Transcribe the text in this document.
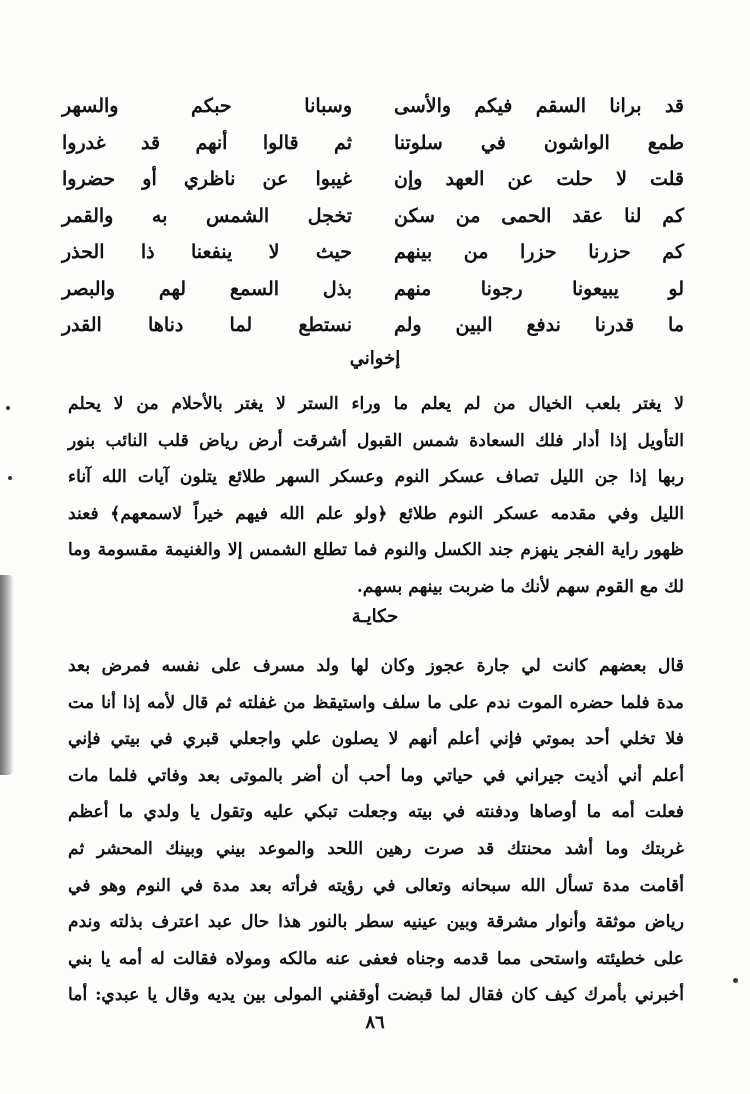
قد برانا السقم فيكم والأسى
وسبانا حبكم والسهر
طمع الواشون في سلوتنا
ثم قالوا أنهم قد غدروا
قلت لا حلت عن العهد وإن
غيبوا عن ناظري أو حضروا
كم لنا عقد الحمى من سكن
تخجل الشمس به والقمر
كم حزرنا حزرا من بينهم
حيث لا ينفعنا ذا الحذر
لو يبيعونا رجونا منهم
بذل السمع لهم والبصر
ما قدرنا ندفع البين ولم
نستطع لما دناها القدر
إخواني
لا يغتر بلعب الخيال من لم يعلم ما وراء الستر لا يغتر بالأحلام من لا يحلم
التأويل إذا أدار فلك السعادة شمس القبول أشرقت أرض رياض قلب النائب بنور
ربها إذا جن الليل تصاف عسكر النوم وعسكر السهر طلائع يتلون آيات الله آناء
الليل وفي مقدمه عسكر النوم طلائع ﴿ولو علم الله فيهم خيراً لاسمعهم﴾ فعند
ظهور راية الفجر ينهزم جند الكسل والنوم فما تطلع الشمس إلا والغنيمة مقسومة وما
لك مع القوم سهم لأنك ما ضربت بينهم بسهم.
حكايـة
قال بعضهم كانت لي جارة عجوز وكان لها ولد مسرف على نفسه فمرض بعد
مدة فلما حضره الموت ندم على ما سلف واستيقظ من غفلته ثم قال لأمه إذا أنا مت
فلا تخلي أحد بموتي فإني أعلم أنهم لا يصلون علي واجعلي قبري في بيتي فإني
أعلم أني أذيت جيراني في حياتي وما أحب أن أضر بالموتى بعد وفاتي فلما مات
فعلت أمه ما أوصاها ودفنته في بيته وجعلت تبكي عليه وتقول يا ولدي ما أعظم
غربتك وما أشد محنتك قد صرت رهين اللحد والموعد بيني وبينك المحشر ثم
أقامت مدة تسأل الله سبحانه وتعالى في رؤيته فرأته بعد مدة في النوم وهو في
رياض موثقة وأنوار مشرقة وبين عينيه سطر بالنور هذا حال عبد اعترف بذلته وندم
على خطيئته واستحى مما قدمه وجناه فعفى عنه مالكه ومولاه فقالت له أمه يا بني
أخبرني بأمرك كيف كان فقال لما قبضت أوقفني المولى بين يديه وقال يا عبدي: أما
٨٦
